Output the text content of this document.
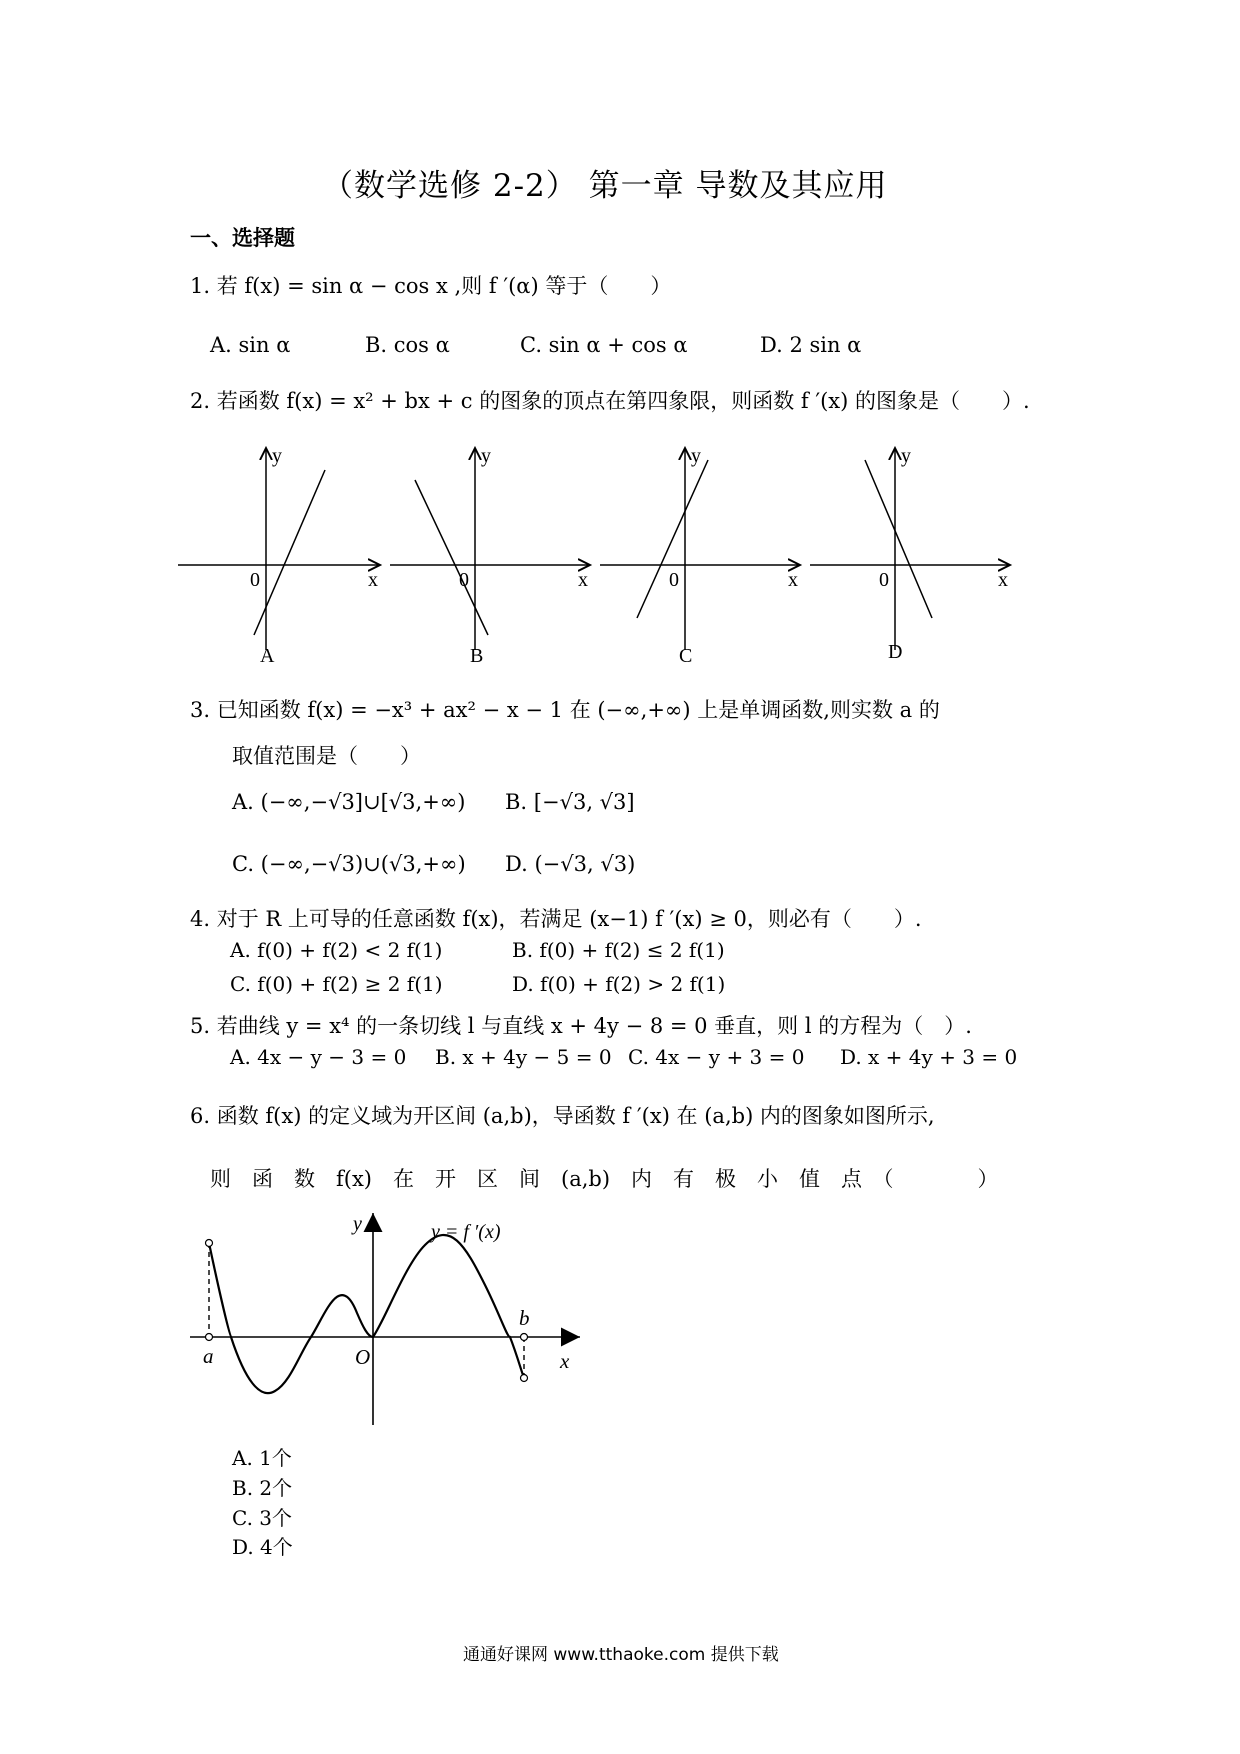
（数学选修 2-2） 第一章 导数及其应用
一、选择题
1. 若 f(x) = sin α − cos x ,则 f ′(α) 等于（　　）
A. sin α	B. cos α	C. sin α + cos α	D. 2 sin α
2. 若函数 f(x) = x² + bx + c 的图象的顶点在第四象限，则函数 f ′(x) 的图象是（　　）.
y
x
0
A
y
x
0
B
y
x
0
C
y
x
0
D
3. 已知函数 f(x) = −x³ + ax² − x − 1 在 (−∞,+∞) 上是单调函数,则实数 a 的
取值范围是（　　）
A. (−∞,−√3]∪[√3,+∞) B. [−√3, √3]
C. (−∞,−√3)∪(√3,+∞) D. (−√3, √3)
4. 对于 R 上可导的任意函数 f(x)，若满足 (x−1) f ′(x) ≥ 0，则必有（　　）.
A. f(0) + f(2) < 2 f(1)	B. f(0) + f(2) ≤ 2 f(1)
C. f(0) + f(2) ≥ 2 f(1)	D. f(0) + f(2) > 2 f(1)
5. 若曲线 y = x⁴ 的一条切线 l 与直线 x + 4y − 8 = 0 垂直，则 l 的方程为（　）.
A. 4x − y − 3 = 0 B. x + 4y − 5 = 0 C. 4x − y + 3 = 0 D. x + 4y + 3 = 0
6. 函数 f(x) 的定义域为开区间 (a,b)，导函数 f ′(x) 在 (a,b) 内的图象如图所示,
则　函　数　f(x)　在　开　区　间　(a,b)　内　有　极　小　值　点　（　　　　）
y	y = f ′(x)
a	O
b
x
A. 1个
B. 2个
C. 3个
D. 4个
通通好课网 www.tthaoke.com 提供下载
